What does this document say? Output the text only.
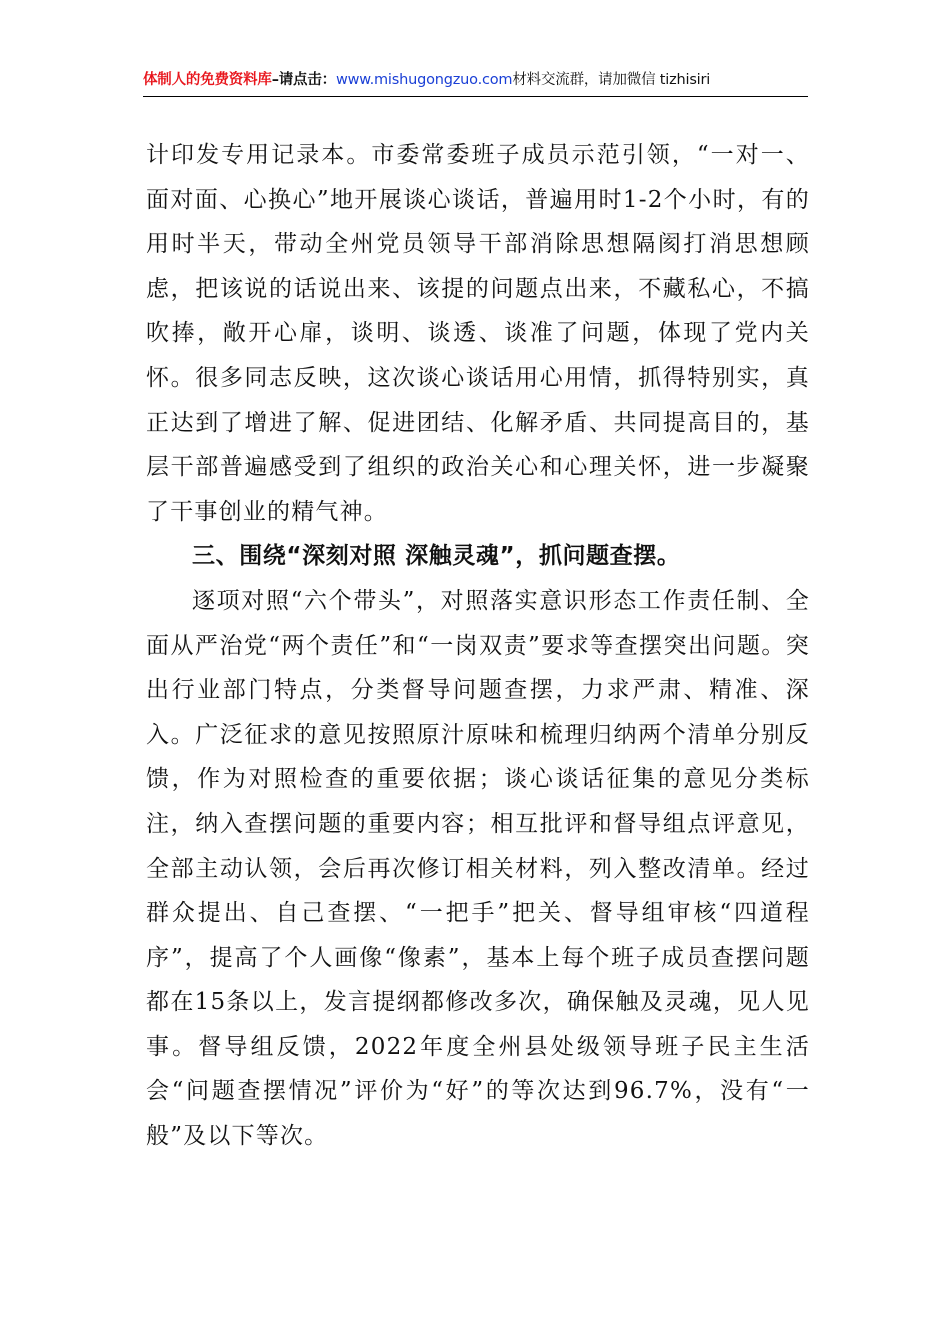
体制人的免费资料库–请点击：www.mishugongzuo.com材料交流群，请加微信 tizhisiri

计印发专用记录本。市委常委班子成员示范引领，“一对一、面对面、心换心”地开展谈心谈话，普遍用时1-2个小时，有的用时半天，带动全州党员领导干部消除思想隔阂打消思想顾虑，把该说的话说出来、该提的问题点出来，不藏私心，不搞吹捧，敞开心扉，谈明、谈透、谈准了问题，体现了党内关怀。很多同志反映，这次谈心谈话用心用情，抓得特别实，真正达到了增进了解、促进团结、化解矛盾、共同提高目的，基层干部普遍感受到了组织的政治关心和心理关怀，进一步凝聚了干事创业的精气神。

三、围绕“深刻对照 深触灵魂”，抓问题查摆。

逐项对照“六个带头”，对照落实意识形态工作责任制、全面从严治党“两个责任”和“一岗双责”要求等查摆突出问题。突出行业部门特点，分类督导问题查摆，力求严肃、精准、深入。广泛征求的意见按照原汁原味和梳理归纳两个清单分别反馈，作为对照检查的重要依据；谈心谈话征集的意见分类标注，纳入查摆问题的重要内容；相互批评和督导组点评意见，全部主动认领，会后再次修订相关材料，列入整改清单。经过群众提出、自己查摆、“一把手”把关、督导组审核“四道程序”，提高了个人画像“像素”，基本上每个班子成员查摆问题都在15条以上，发言提纲都修改多次，确保触及灵魂，见人见事。督导组反馈，2022年度全州县处级领导班子民主生活会“问题查摆情况”评价为“好”的等次达到96.7%，没有“一般”及以下等次。
